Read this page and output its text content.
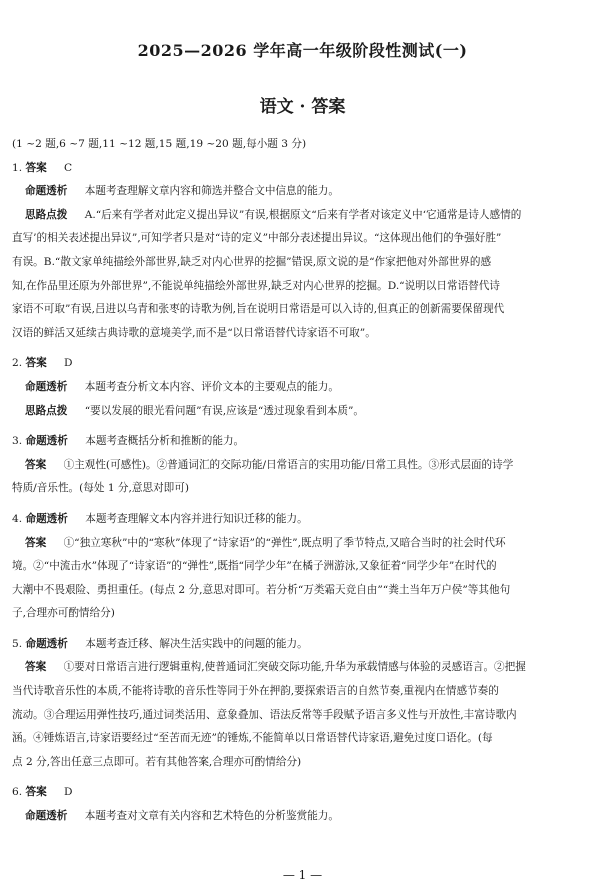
2025—2026 学年高一年级阶段性测试(一)
语文 · 答案
(1 ~2 题,6 ~7 题,11 ~12 题,15 题,19 ~20 题,每小题 3 分)
1. 答案 C
命题透析 本题考查理解文章内容和筛选并整合文中信息的能力。
思路点拨 A.“后来有学者对此定义提出异议”有误,根据原文“后来有学者对该定义中‘它通常是诗人感情的
直写’的相关表述提出异议”,可知学者只是对“诗的定义”中部分表述提出异议。“这体现出他们的争强好胜”
有误。B.“散文家单纯描绘外部世界,缺乏对内心世界的挖掘”错误,原文说的是“作家把他对外部世界的感
知,在作品里还原为外部世界”,不能说单纯描绘外部世界,缺乏对内心世界的挖掘。D.“说明以日常语替代诗
家语不可取”有误,吕进以乌青和张枣的诗歌为例,旨在说明日常语是可以入诗的,但真正的创新需要保留现代
汉语的鲜活又延续古典诗歌的意境美学,而不是“以日常语替代诗家语不可取”。
2. 答案 D
命题透析 本题考查分析文本内容、评价文本的主要观点的能力。
思路点拨 “要以发展的眼光看问题”有误,应该是“透过现象看到本质”。
3. 命题透析 本题考查概括分析和推断的能力。
答案 ①主观性(可感性)。②普通词汇的交际功能/日常语言的实用功能/日常工具性。③形式层面的诗学
特质/音乐性。(每处 1 分,意思对即可)
4. 命题透析 本题考查理解文本内容并进行知识迁移的能力。
答案 ①“独立寒秋”中的“寒秋”体现了“诗家语”的“弹性”,既点明了季节特点,又暗合当时的社会时代环
境。②“中流击水”体现了“诗家语”的“弹性”,既指“同学少年”在橘子洲游泳,又象征着“同学少年”在时代的
大潮中不畏艰险、勇担重任。(每点 2 分,意思对即可。若分析“万类霜天竞自由”“粪土当年万户侯”等其他句
子,合理亦可酌情给分)
5. 命题透析 本题考查迁移、解决生活实践中的问题的能力。
答案 ①要对日常语言进行逻辑重构,使普通词汇突破交际功能,升华为承载情感与体验的灵感语言。②把握
当代诗歌音乐性的本质,不能将诗歌的音乐性等同于外在押韵,要探索语言的自然节奏,重视内在情感节奏的
流动。③合理运用弹性技巧,通过词类活用、意象叠加、语法反常等手段赋予语言多义性与开放性,丰富诗歌内
涵。④锤炼语言,诗家语要经过“至苦而无迹”的锤炼,不能简单以日常语替代诗家语,避免过度口语化。(每
点 2 分,答出任意三点即可。若有其他答案,合理亦可酌情给分)
6. 答案 D
命题透析 本题考查对文章有关内容和艺术特色的分析鉴赏能力。
— 1 —
